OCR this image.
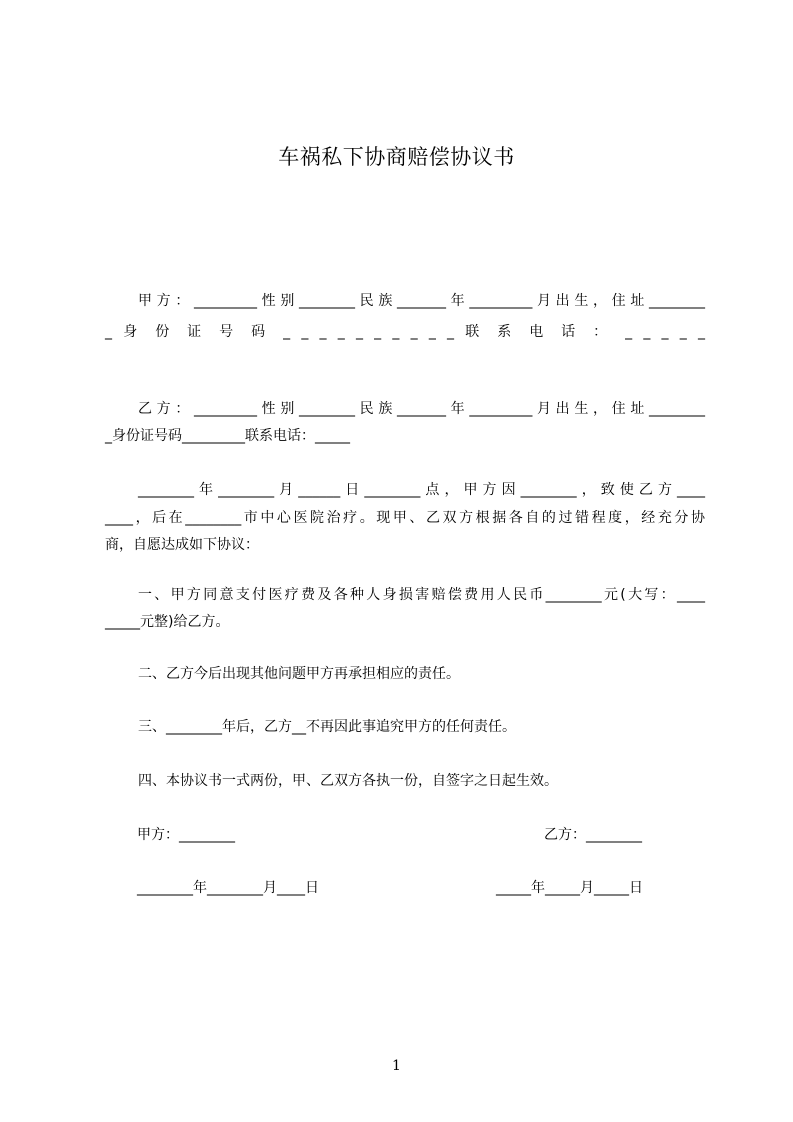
车祸私下协商赔偿协议书
甲方：_________性别________民族_______年_________月出生，住址________
_ 身 份 证 号 码 _ _ _ _ _ _ _ _ _ _ 联 系 电 话 ： _ _ _ _ _
乙方：_________性别________民族_______年_________月出生，住址________
_身份证号码_________联系电话：_____
________年________月______日________点，甲方因________，致使乙方____
____，后在________市中心医院治疗。现甲、乙双方根据各自的过错程度，经充分协
商，自愿达成如下协议：
一、甲方同意支付医疗费及各种人身损害赔偿费用人民币________元(大写：____
_____元整)给乙方。
二、乙方今后出现其他问题甲方再承担相应的责任。
三、________年后，乙方__不再因此事追究甲方的任何责任。
四、本协议书一式两份，甲、乙双方各执一份，自签字之日起生效。
甲方：________	乙方：________
________年________月____日	_____年_____月_____日
1
